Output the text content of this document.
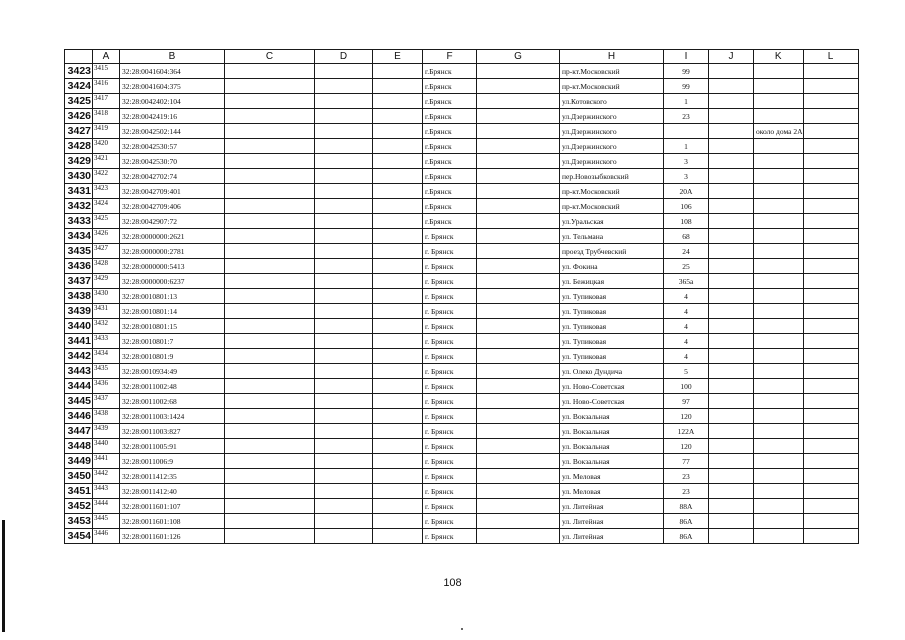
	A	B	C	D	E	F	G	H	I	J	K	L
3423	3415	32:28:0041604:364				г.Брянск		пр-кт.Московский	99			
3424	3416	32:28:0041604:375				г.Брянск		пр-кт.Московский	99			
3425	3417	32:28:0042402:104				г.Брянск		ул.Котовского	1			
3426	3418	32:28:0042419:16				г.Брянск		ул.Дзержинского	23			
3427	3419	32:28:0042502:144				г.Брянск		ул.Дзержинского			около дома 2А	
3428	3420	32:28:0042530:57				г.Брянск		ул.Дзержинского	1			
3429	3421	32:28:0042530:70				г.Брянск		ул.Дзержинского	3			
3430	3422	32:28:0042702:74				г.Брянск		пер.Новозыбковский	3			
3431	3423	32:28:0042709:401				г.Брянск		пр-кт.Московский	20А			
3432	3424	32:28:0042709:406				г.Брянск		пр-кт.Московский	106			
3433	3425	32:28:0042907:72				г.Брянск		ул.Уральская	108			
3434	3426	32:28:0000000:2621				г. Брянск		ул. Тельмана	68			
3435	3427	32:28:0000000:2781				г. Брянск		проезд Трубчевский	24			
3436	3428	32:28:0000000:5413				г. Брянск		ул. Фокина	25			
3437	3429	32:28:0000000:6237				г. Брянск		ул. Бежицкая	365а			
3438	3430	32:28:0010801:13				г. Брянск		ул. Тупиковая	4			
3439	3431	32:28:0010801:14				г. Брянск		ул. Тупиковая	4			
3440	3432	32:28:0010801:15				г. Брянск		ул. Тупиковая	4			
3441	3433	32:28:0010801:7				г. Брянск		ул. Тупиковая	4			
3442	3434	32:28:0010801:9				г. Брянск		ул. Тупиковая	4			
3443	3435	32:28:0010934:49				г. Брянск		ул. Олеко Дундича	5			
3444	3436	32:28:0011002:48				г. Брянск		ул. Ново-Советская	100			
3445	3437	32:28:0011002:68				г. Брянск		ул. Ново-Советская	97			
3446	3438	32:28:0011003:1424				г. Брянск		ул. Вокзальная	120			
3447	3439	32:28:0011003:827				г. Брянск		ул. Вокзальная	122А			
3448	3440	32:28:0011005:91				г. Брянск		ул. Вокзальная	120			
3449	3441	32:28:0011006:9				г. Брянск		ул. Вокзальная	77			
3450	3442	32:28:0011412:35				г. Брянск		ул. Меловая	23			
3451	3443	32:28:0011412:40				г. Брянск		ул. Меловая	23			
3452	3444	32:28:0011601:107				г. Брянск		ул. Литейная	88А			
3453	3445	32:28:0011601:108				г. Брянск		ул. Литейная	86А			
3454	3446	32:28:0011601:126				г. Брянск		ул. Литейная	86А			
108
